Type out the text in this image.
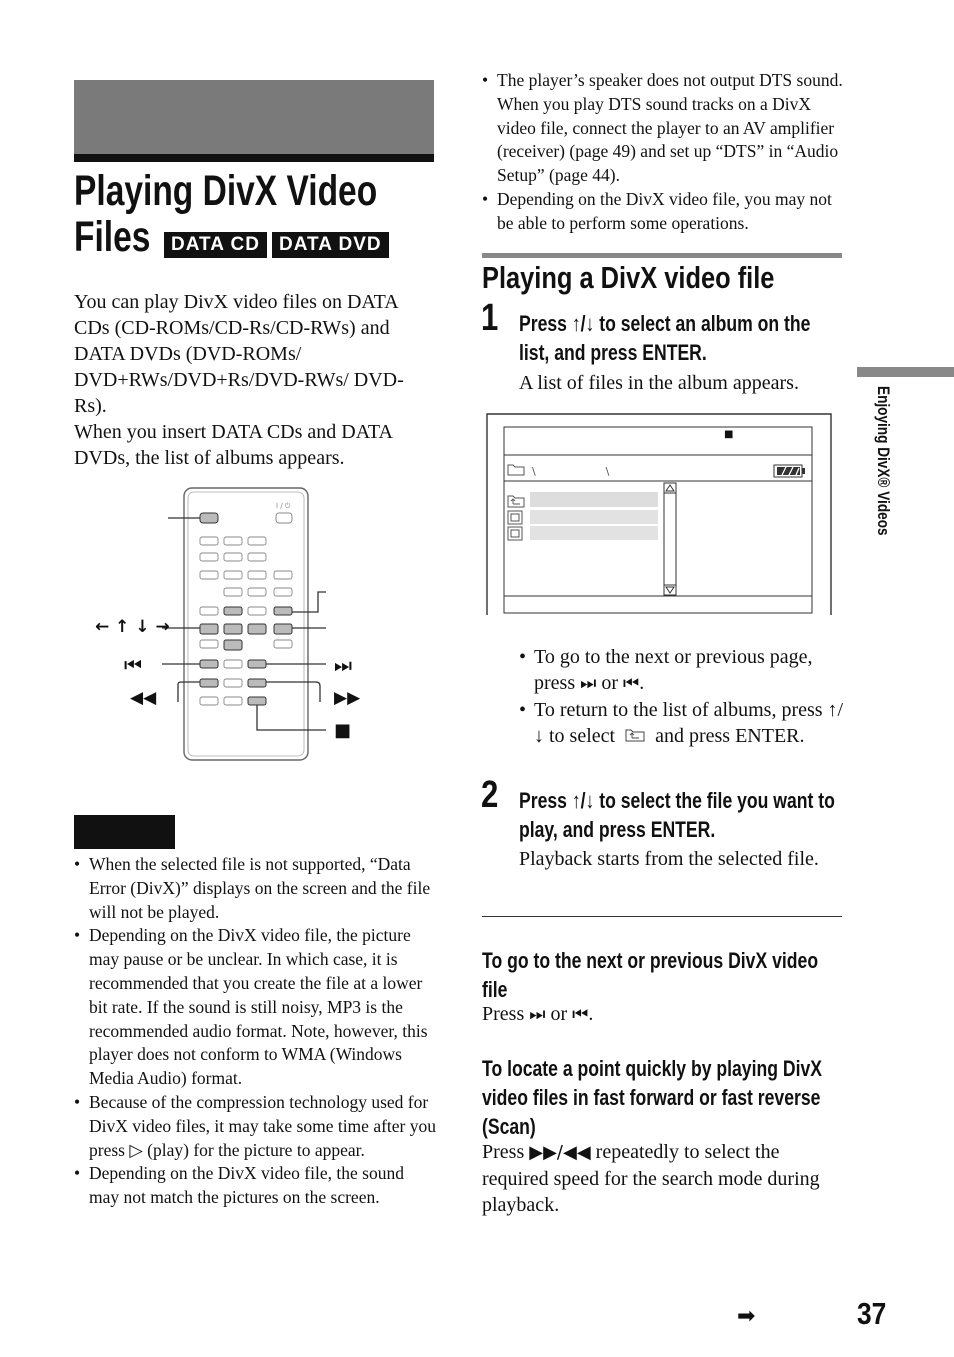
Playing DivX Video
Files	DATA CD	DATA DVD
You can play DivX video files on DATA CDs (CD-ROMs/CD-Rs/CD-RWs) and DATA DVDs (DVD-ROMs/ DVD+RWs/DVD+Rs/DVD-RWs/ DVD-Rs).
When you insert DATA CDs and DATA DVDs, the list of albums appears.
I / ⏻
← ↑ ↓ →
⏮
◀◀
⏭
▶▶
■
• When the selected file is not supported, “Data Error (DivX)” displays on the screen and the file will not be played.
• Depending on the DivX video file, the picture may pause or be unclear. In which case, it is recommended that you create the file at a lower bit rate. If the sound is still noisy, MP3 is the recommended audio format. Note, however, this player does not conform to WMA (Windows Media Audio) format.
• Because of the compression technology used for DivX video files, it may take some time after you press ▷ (play) for the picture to appear.
• Depending on the DivX video file, the sound may not match the pictures on the screen.
• The player’s speaker does not output DTS sound. When you play DTS sound tracks on a DivX video file, connect the player to an AV amplifier (receiver) (page 49) and set up “DTS” in “Audio Setup” (page 44).
• Depending on the DivX video file, you may not be able to perform some operations.
Playing a DivX video file
1 Press ↑/↓ to select an album on the list, and press ENTER.
A list of files in the album appears.
■
\                    \
• To go to the next or previous page, press ⏭ or ⏮.
• To return to the list of albums, press ↑/↓ to select and press ENTER.
2 Press ↑/↓ to select the file you want to play, and press ENTER.
Playback starts from the selected file.
To go to the next or previous DivX video file
Press ⏭ or ⏮.
To locate a point quickly by playing DivX video files in fast forward or fast reverse (Scan)
Press ▶▶/◀◀ repeatedly to select the required speed for the search mode during playback.
Enjoying DivX® Videos
➡	37
